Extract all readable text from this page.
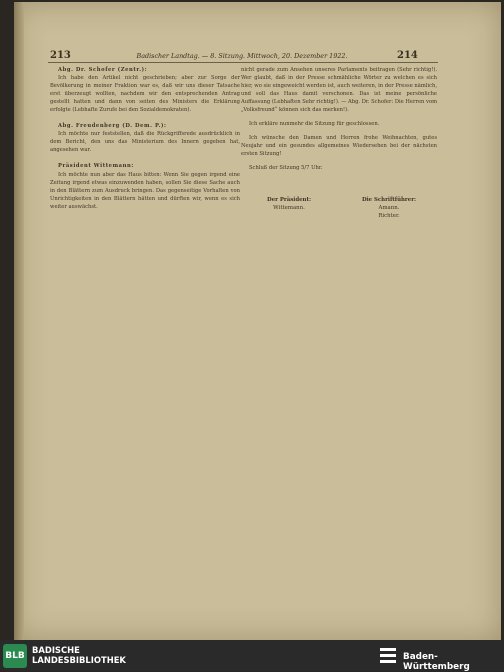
213	Badischer Landtag. — 8. Sitzung. Mittwoch, 20. Dezember 1922.	214

Abg. Dr. Schofer (Zentr.):

Ich habe den Artikel nicht geschrieben; aber zur Sorge der Bevölkerung in meiner Fraktion war es, daß wir uns dieser Tatsache erst überzeugt wollten, nachdem wir den entsprechenden Antrag gestellt hatten und dann von seiten des Ministers die Erklärung erfolgte (Lebhafte Zurufe bei den Sozialdemokraten).

Abg. Freudenberg (D. Dem. P.):

Ich möchte nur feststellen, daß die Rückgriffsrede ausdrücklich in dem Bericht, den uns das Ministerium des Innern gegeben hat, angesehen war.

Präsident Wittemann:

Ich möchte nun aber das Haus bitten: Wenn Sie gegen irgend eine Zeitung irgend etwas einzuwenden haben, sollen Sie diese Sache auch in den Blättern zum Ausdruck bringen. Das gegenseitige Vorhalten von Unrichtigkeiten in den Blättern hätten und dürften wir, wenn es sich weiter auswächst.

nicht gerade zum Ansehen unseres Parlaments beitragen (Sehr richtig!). Wer glaubt, daß in der Presse schmähliche Wörter zu welchen es sich hier, wo sie eingeweicht werden ist, auch weiteren, in der Presse nämlich, und soll das Haus damit verschonen. Das ist meine persönliche Auffassung (Lebhaften Sehr richtig!). — Abg. Dr. Schofer: Die Herren vom „Volksfreund“ können sich das merken!).

Ich erkläre nunmehr die Sitzung für geschlossen.

Ich wünsche den Damen und Herren frohe Weihnachten, gutes Neujahr und ein gesundes allgemeines Wiedersehen bei der nächsten ersten Sitzung!

Schluß der Sitzung 5/7 Uhr.

Der Präsident:	Die Schriftführer:
Wittemann.	Amann.
Richter.
BLB
BADISCHE
LANDESBIBLIOTHEK	Baden-Württemberg
